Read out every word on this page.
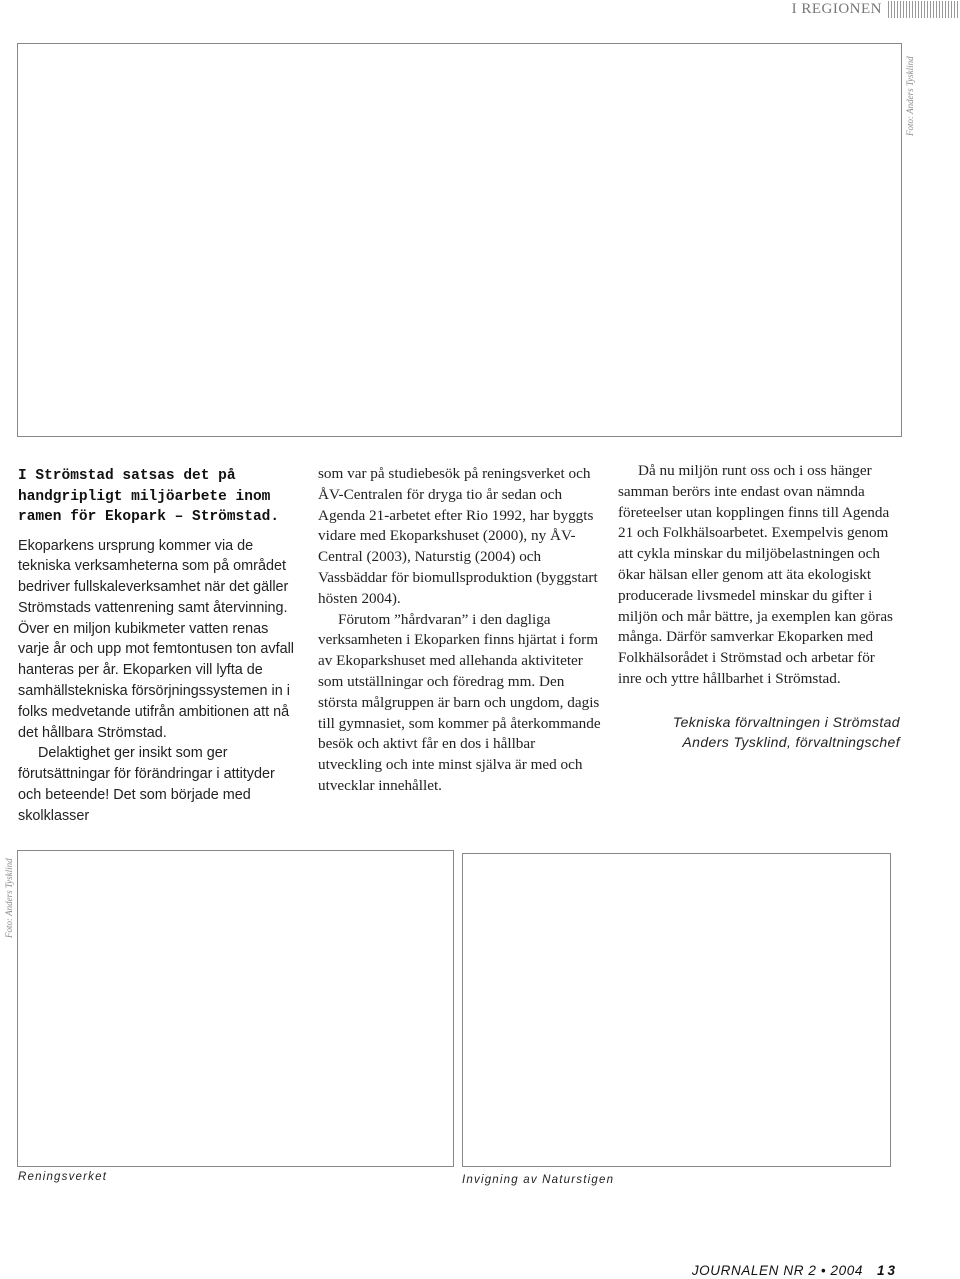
I REGIONEN
Foto: Anders Tysklind

I Strömstad satsas det på handgripligt miljöarbete inom ramen för Ekopark – Strömstad.

Ekoparkens ursprung kommer via de tekniska verksamheterna som på området bedriver fullskaleverksamhet när det gäller Strömstads vattenrening samt återvinning. Över en miljon kubikmeter vatten renas varje år och upp mot femtontusen ton avfall hanteras per år. Ekoparken vill lyfta de samhällstekniska försörjningssystemen in i folks medvetande utifrån ambitionen att nå det hållbara Strömstad.

Delaktighet ger insikt som ger förutsättningar för förändringar i attityder och beteende! Det som började med skolklasser

som var på studiebesök på reningsverket och ÅV-Centralen för dryga tio år sedan och Agenda 21-arbetet efter Rio 1992, har byggts vidare med Ekoparkshuset (2000), ny ÅV-Central (2003), Naturstig (2004) och Vassbäddar för biomullsproduktion (byggstart hösten 2004).

Förutom ”hårdvaran” i den dagliga verksamheten i Ekoparken finns hjärtat i form av Ekoparkshuset med allehanda aktiviteter som utställningar och föredrag mm. Den största målgruppen är barn och ungdom, dagis till gymnasiet, som kommer på återkommande besök och aktivt får en dos i hållbar utveckling och inte minst själva är med och utvecklar innehållet.

Då nu miljön runt oss och i oss hänger samman berörs inte endast ovan nämnda företeelser utan kopplingen finns till Agenda 21 och Folkhälsoarbetet. Exempelvis genom att cykla minskar du miljöbelastningen och ökar hälsan eller genom att äta ekologiskt producerade livsmedel minskar du gifter i miljön och mår bättre, ja exemplen kan göras många. Därför samverkar Ekoparken med Folkhälsorådet i Strömstad och arbetar för inre och yttre hållbarhet i Strömstad.

Tekniska förvaltningen i Strömstad

Anders Tysklind, förvaltningschef

Foto: Anders Tysklind
Reningsverket	Invigning av Naturstigen
JOURNALEN NR 2 • 2004 13
